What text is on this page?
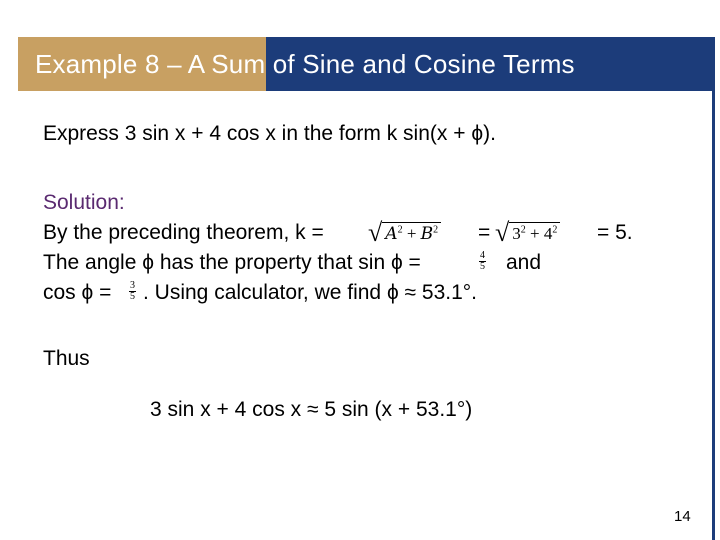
Example 8 – A Sum of Sine and Cosine Terms
Express 3 sin x + 4 cos x in the form k sin(x + ϕ).
Solution:
By the preceding theorem, k = √ $A^2 + B^2$ = √ $3^2 + 4^2 = 5$.
The angle ϕ has the property that sin ϕ =	4
5 and
cos ϕ = 3
5 . Using calculator, we find ϕ ≈ 53.1°.
Thus
3 sin x + 4 cos x ≈ 5 sin (x + 53.1°)
14
